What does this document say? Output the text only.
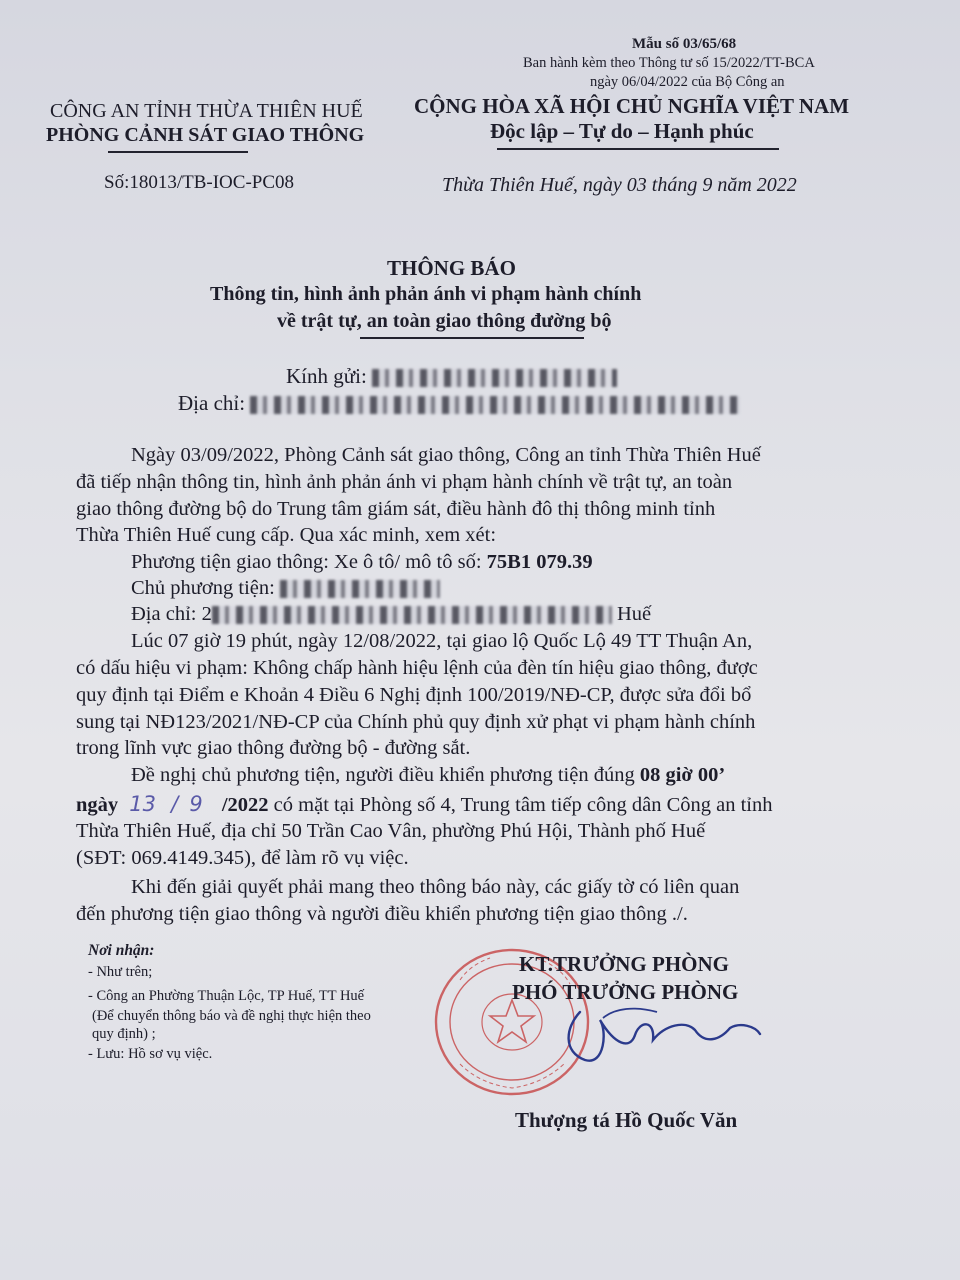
Mẫu số 03/65/68
Ban hành kèm theo Thông tư số 15/2022/TT-BCA
ngày 06/04/2022 của Bộ Công an
CÔNG AN TỈNH THỪA THIÊN HUẾ
PHÒNG CẢNH SÁT GIAO THÔNG
Số:18013/TB-IOC-PC08
CỘNG HÒA XÃ HỘI CHỦ NGHĨA VIỆT NAM
Độc lập – Tự do – Hạnh phúc
Thừa Thiên Huế, ngày 03 tháng 9 năm 2022
THÔNG BÁO
Thông tin, hình ảnh phản ánh vi phạm hành chính
về trật tự, an toàn giao thông đường bộ
Kính gửi:
Địa chỉ:
Ngày 03/09/2022, Phòng Cảnh sát giao thông, Công an tỉnh Thừa Thiên Huế
đã tiếp nhận thông tin, hình ảnh phản ánh vi phạm hành chính về trật tự, an toàn
giao thông đường bộ do Trung tâm giám sát, điều hành đô thị thông minh tỉnh
Thừa Thiên Huế cung cấp. Qua xác minh, xem xét:
Phương tiện giao thông: Xe ô tô/ mô tô số: 75B1 079.39
Chủ phương tiện:
Địa chỉ: 2	Huế
Lúc 07 giờ 19 phút, ngày 12/08/2022, tại giao lộ Quốc Lộ 49 TT Thuận An,
có dấu hiệu vi phạm: Không chấp hành hiệu lệnh của đèn tín hiệu giao thông, được
quy định tại Điểm e Khoản 4 Điều 6 Nghị định 100/2019/NĐ-CP, được sửa đổi bổ
sung tại NĐ123/2021/NĐ-CP của Chính phủ quy định xử phạt vi phạm hành chính
trong lĩnh vực giao thông đường bộ - đường sắt.
Đề nghị chủ phương tiện, người điều khiển phương tiện đúng 08 giờ 00’
ngày 13 / 9 /2022 có mặt tại Phòng số 4, Trung tâm tiếp công dân Công an tỉnh
Thừa Thiên Huế, địa chỉ 50 Trần Cao Vân, phường Phú Hội, Thành phố Huế
(SĐT: 069.4149.345), để làm rõ vụ việc.
Khi đến giải quyết phải mang theo thông báo này, các giấy tờ có liên quan
đến phương tiện giao thông và người điều khiển phương tiện giao thông ./.
Nơi nhận:
- Như trên;
- Công an Phường Thuận Lộc, TP Huế, TT Huế
(Để chuyển thông báo và đề nghị thực hiện theo
quy định) ;
- Lưu: Hồ sơ vụ việc.
KT.TRƯỞNG PHÒNG
PHÓ TRƯỞNG PHÒNG
Thượng tá Hồ Quốc Văn
